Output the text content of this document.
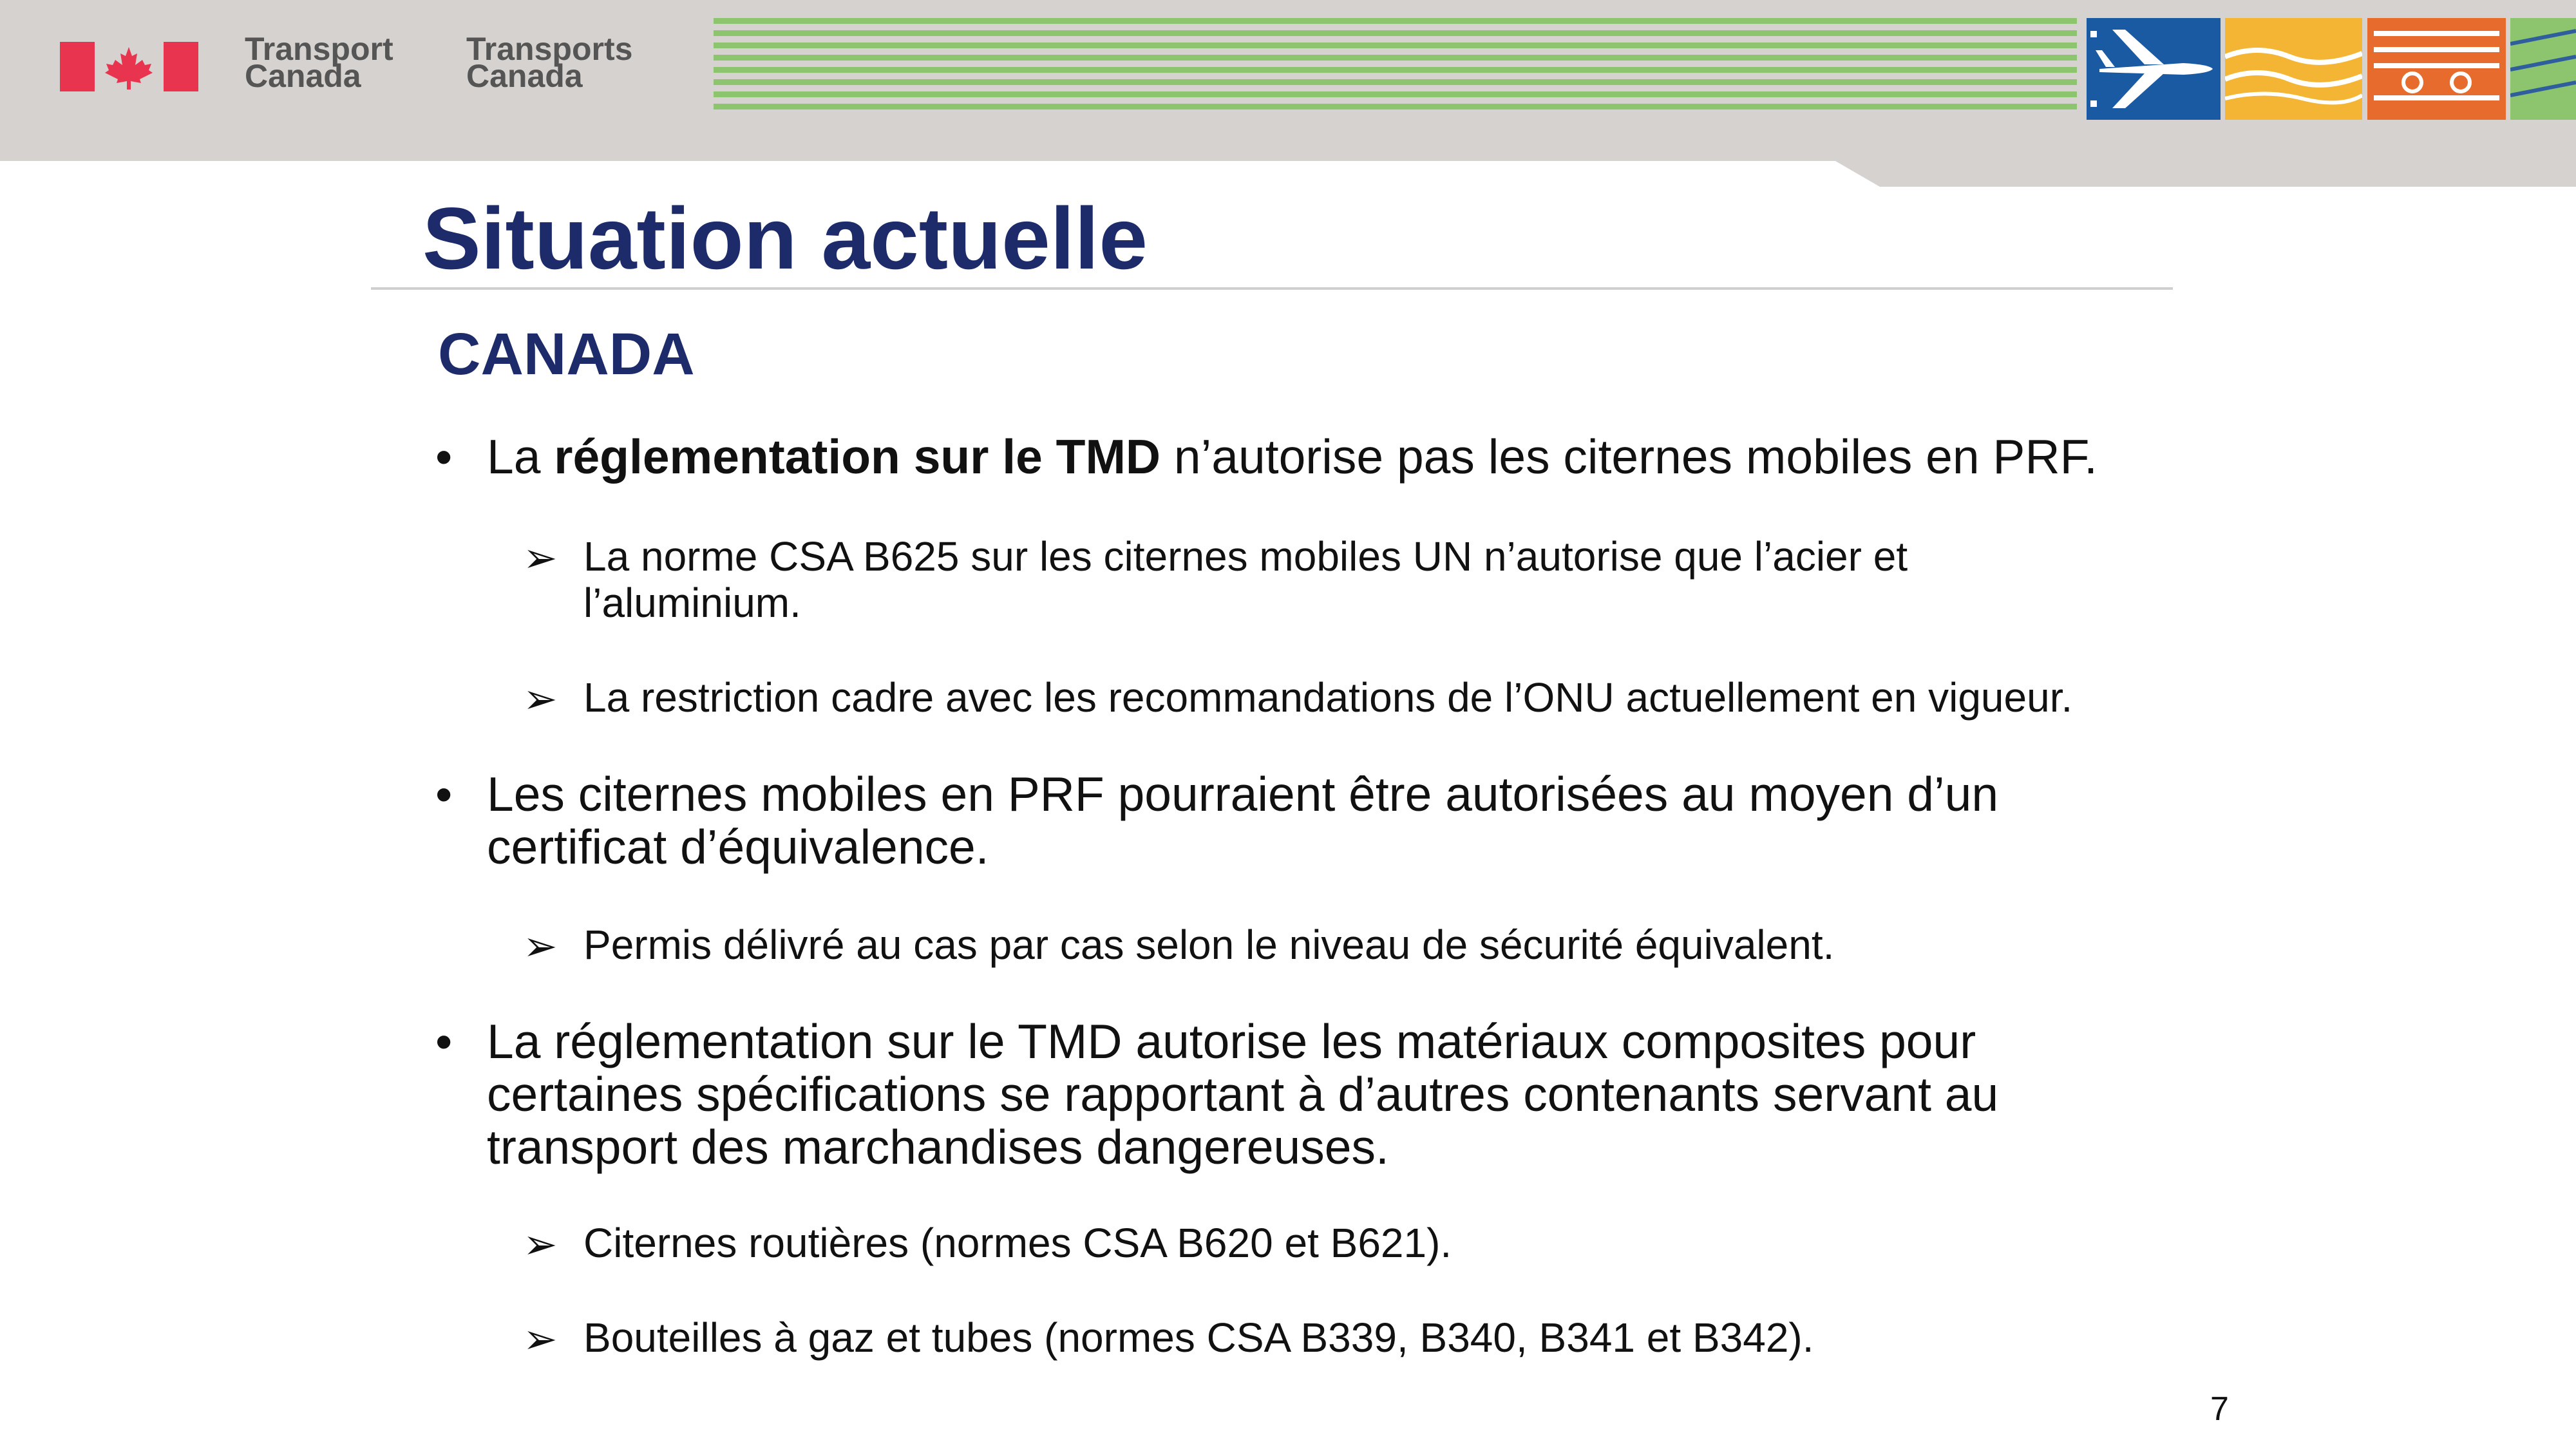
Transport
Canada
Transports
Canada
Situation actuelle
CANADA
• La réglementation sur le TMD n’autorise pas les citernes mobiles en PRF.
➢ La norme CSA B625 sur les citernes mobiles UN n’autorise que l’acier et
l’aluminium.
➢ La restriction cadre avec les recommandations de l’ONU actuellement en vigueur.
• Les citernes mobiles en PRF pourraient être autorisées au moyen d’un
certificat d’équivalence.
➢ Permis délivré au cas par cas selon le niveau de sécurité équivalent.
• La réglementation sur le TMD autorise les matériaux composites pour
certaines spécifications se rapportant à d’autres contenants servant au
transport des marchandises dangereuses.
➢ Citernes routières (normes CSA B620 et B621).
➢ Bouteilles à gaz et tubes (normes CSA B339, B340, B341 et B342).
7
